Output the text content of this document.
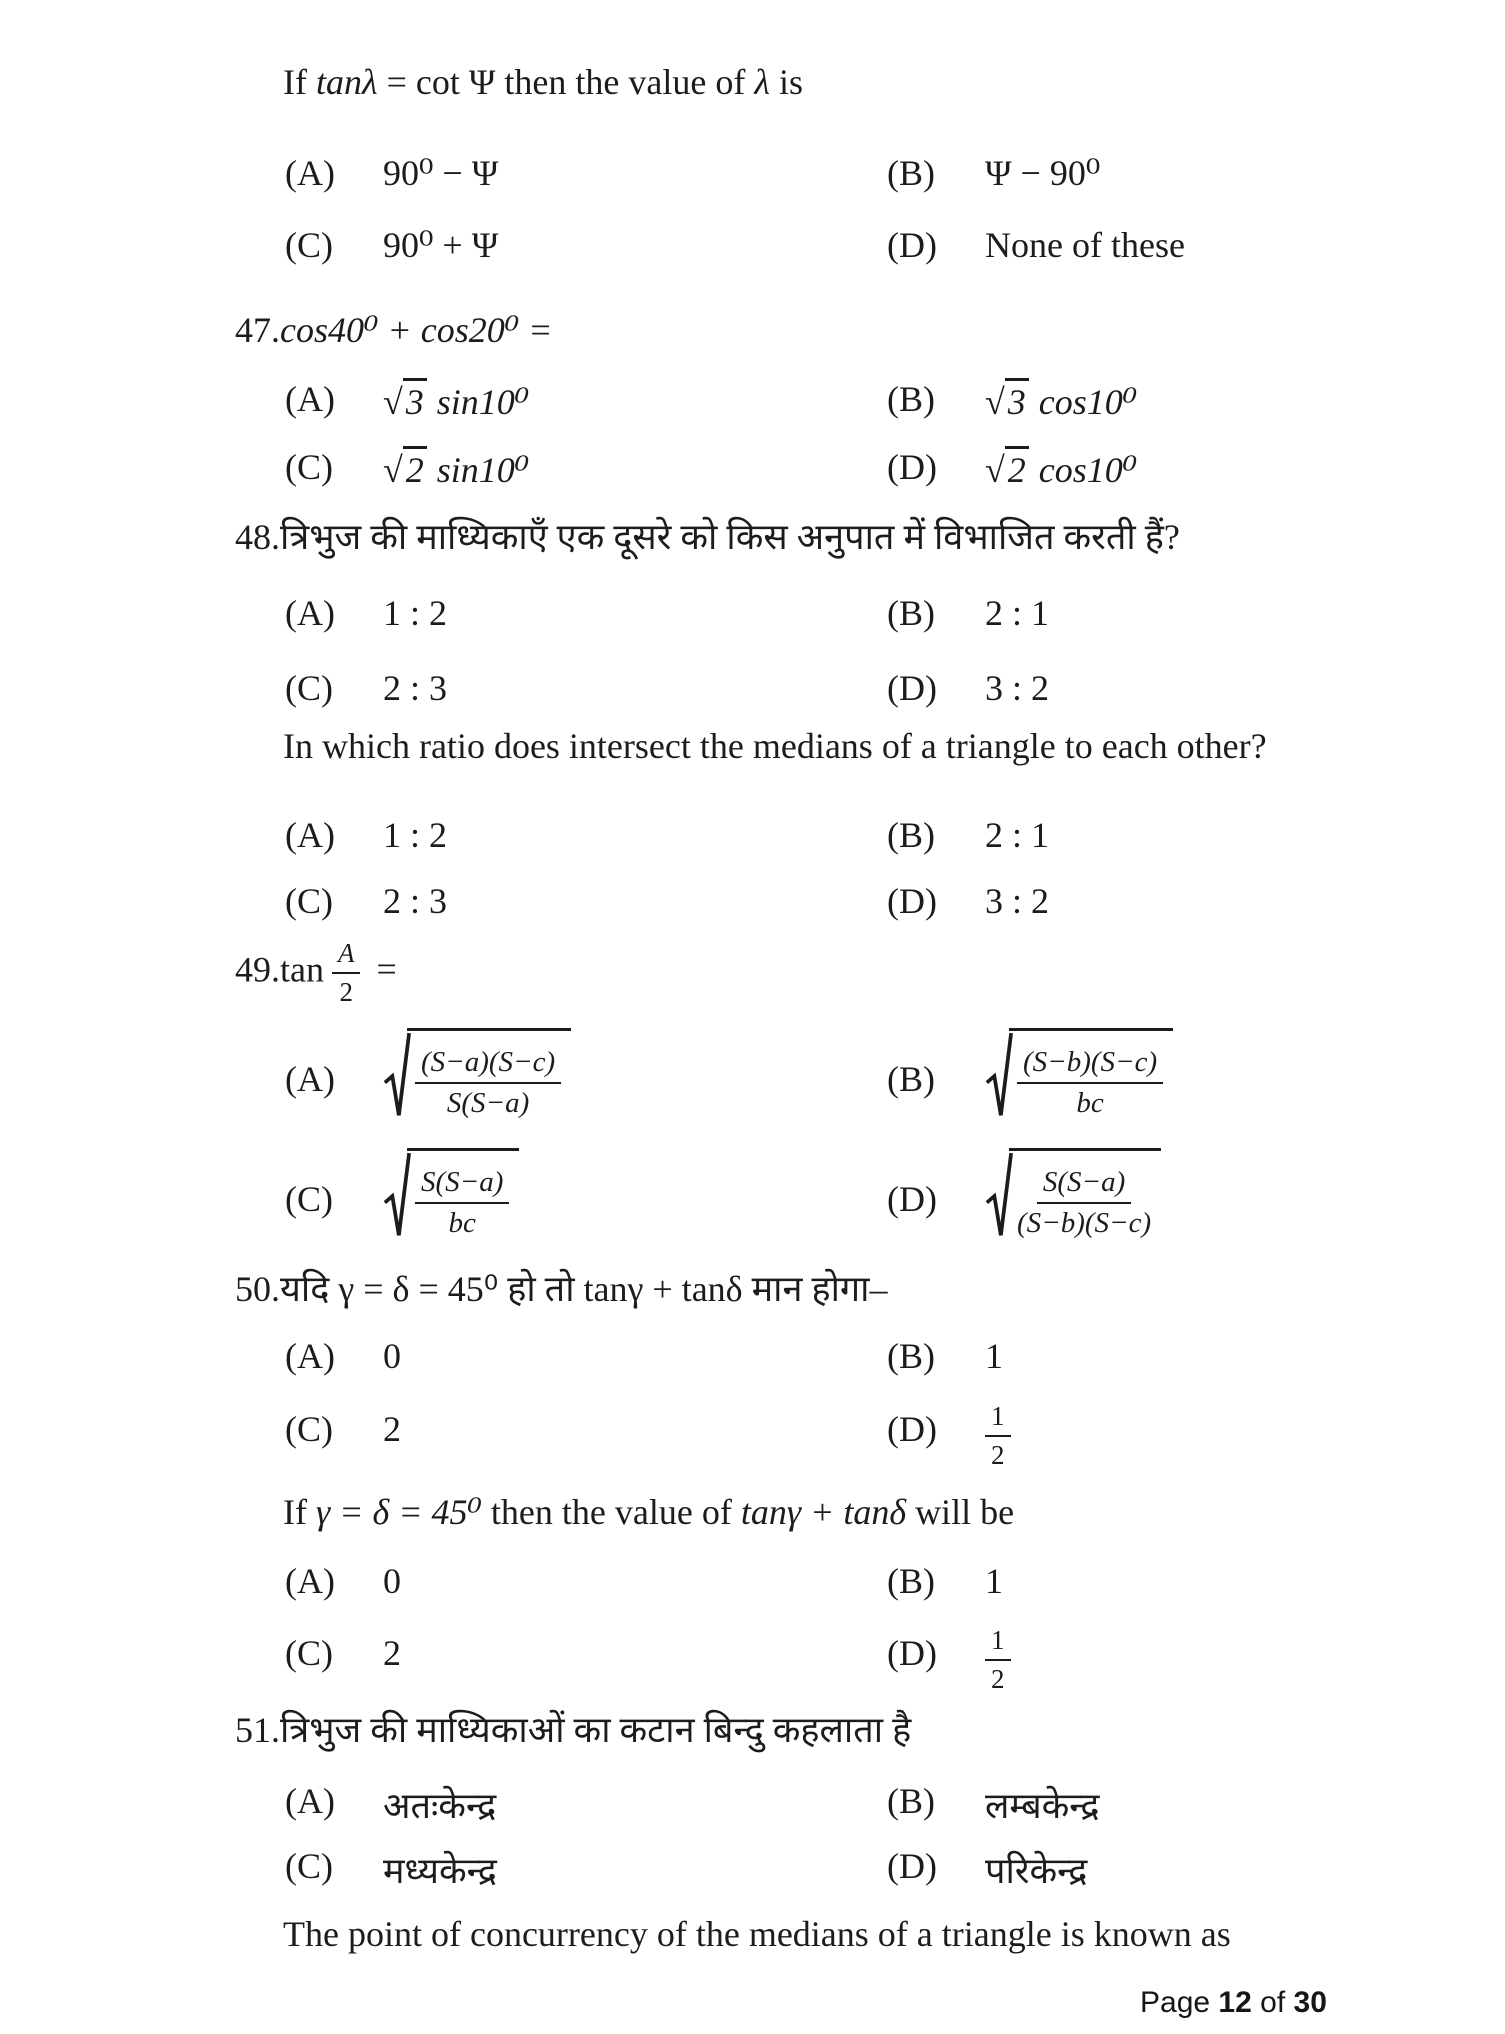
If tanλ = cot Ψ then the value of λ is
(A) 90⁰ − Ψ	(B) Ψ − 90⁰
(C) 90⁰ + Ψ	(D) None of these
47.cos40⁰ + cos20⁰ =
(A) √ 3 sin10⁰	(B) √ 3 cos10⁰
(C) √ 2 sin10⁰	(D) √ 2 cos10⁰
48.त्रिभुज की माध्यिकाएँ एक दूसरे को किस अनुपात में विभाजित करती हैं?
(A) 1 : 2	(B) 2 : 1
(C) 2 : 3	(D) 3 : 2
In which ratio does intersect the medians of a triangle to each other?
(A) 1 : 2	(B) 2 : 1
(C) 2 : 3	(D) 3 : 2
$49.\tan \frac{A}{2}$ =
(A)	$\frac{(S-a)(S-c)}{S(S-a)}$	(B)	$\frac{(S-b)(S-c)}{bc}$
(C)	$\frac{S(S-a)}{bc}$	(D)	$\frac{S(S-a)}{(S-b)(S-c)}$
50.यदि γ = δ = 45⁰ हो तो tanγ + tanδ मान होगा–
(A) 0	(B) 1
(C) 2	$(D) \frac{1}{2}$
If γ = δ = 45⁰ then the value of tanγ + tanδ will be
(A) 0	(B) 1
(C) 2	$(D) \frac{1}{2}$
51.त्रिभुज की माध्यिकाओं का कटान बिन्दु कहलाता है
(A) अतःकेन्द्र	(B) लम्बकेन्द्र
(C) मध्यकेन्द्र	(D) परिकेन्द्र
The point of concurrency of the medians of a triangle is known as
Page 12 of 30
